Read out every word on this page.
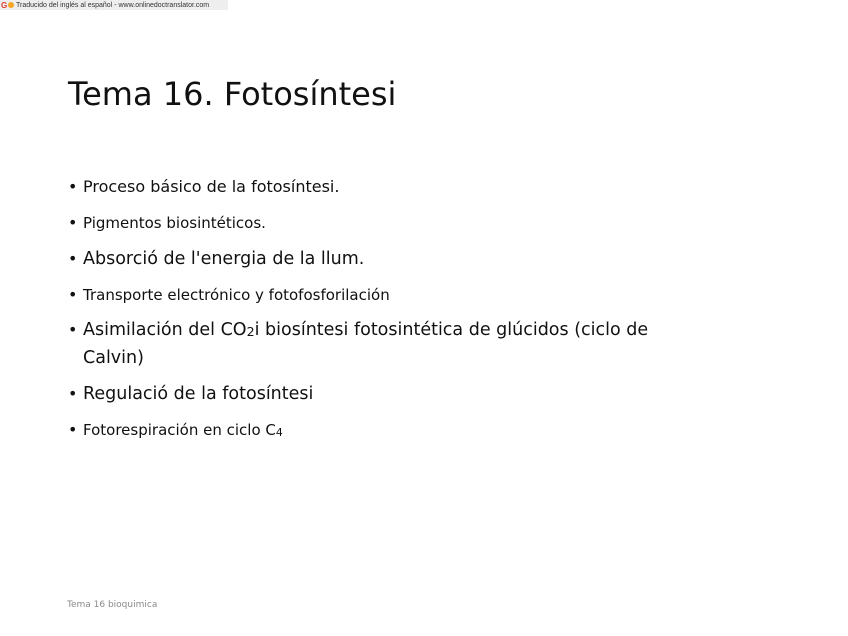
G Traducido del inglés al español - www.onlinedoctranslator.com
Tema 16. Fotosíntesi
• Proceso básico de la fotosíntesi.
• Pigmentos biosintéticos.
• Absorció de l'energia de la llum.
• Transporte electrónico y fotofosforilación
• Asimilación del CO2i biosíntesi fotosintética de glúcidos (ciclo de Calvin)
• Regulació de la fotosíntesi
• Fotorespiración en ciclo C4
Tema 16 bioquimica
